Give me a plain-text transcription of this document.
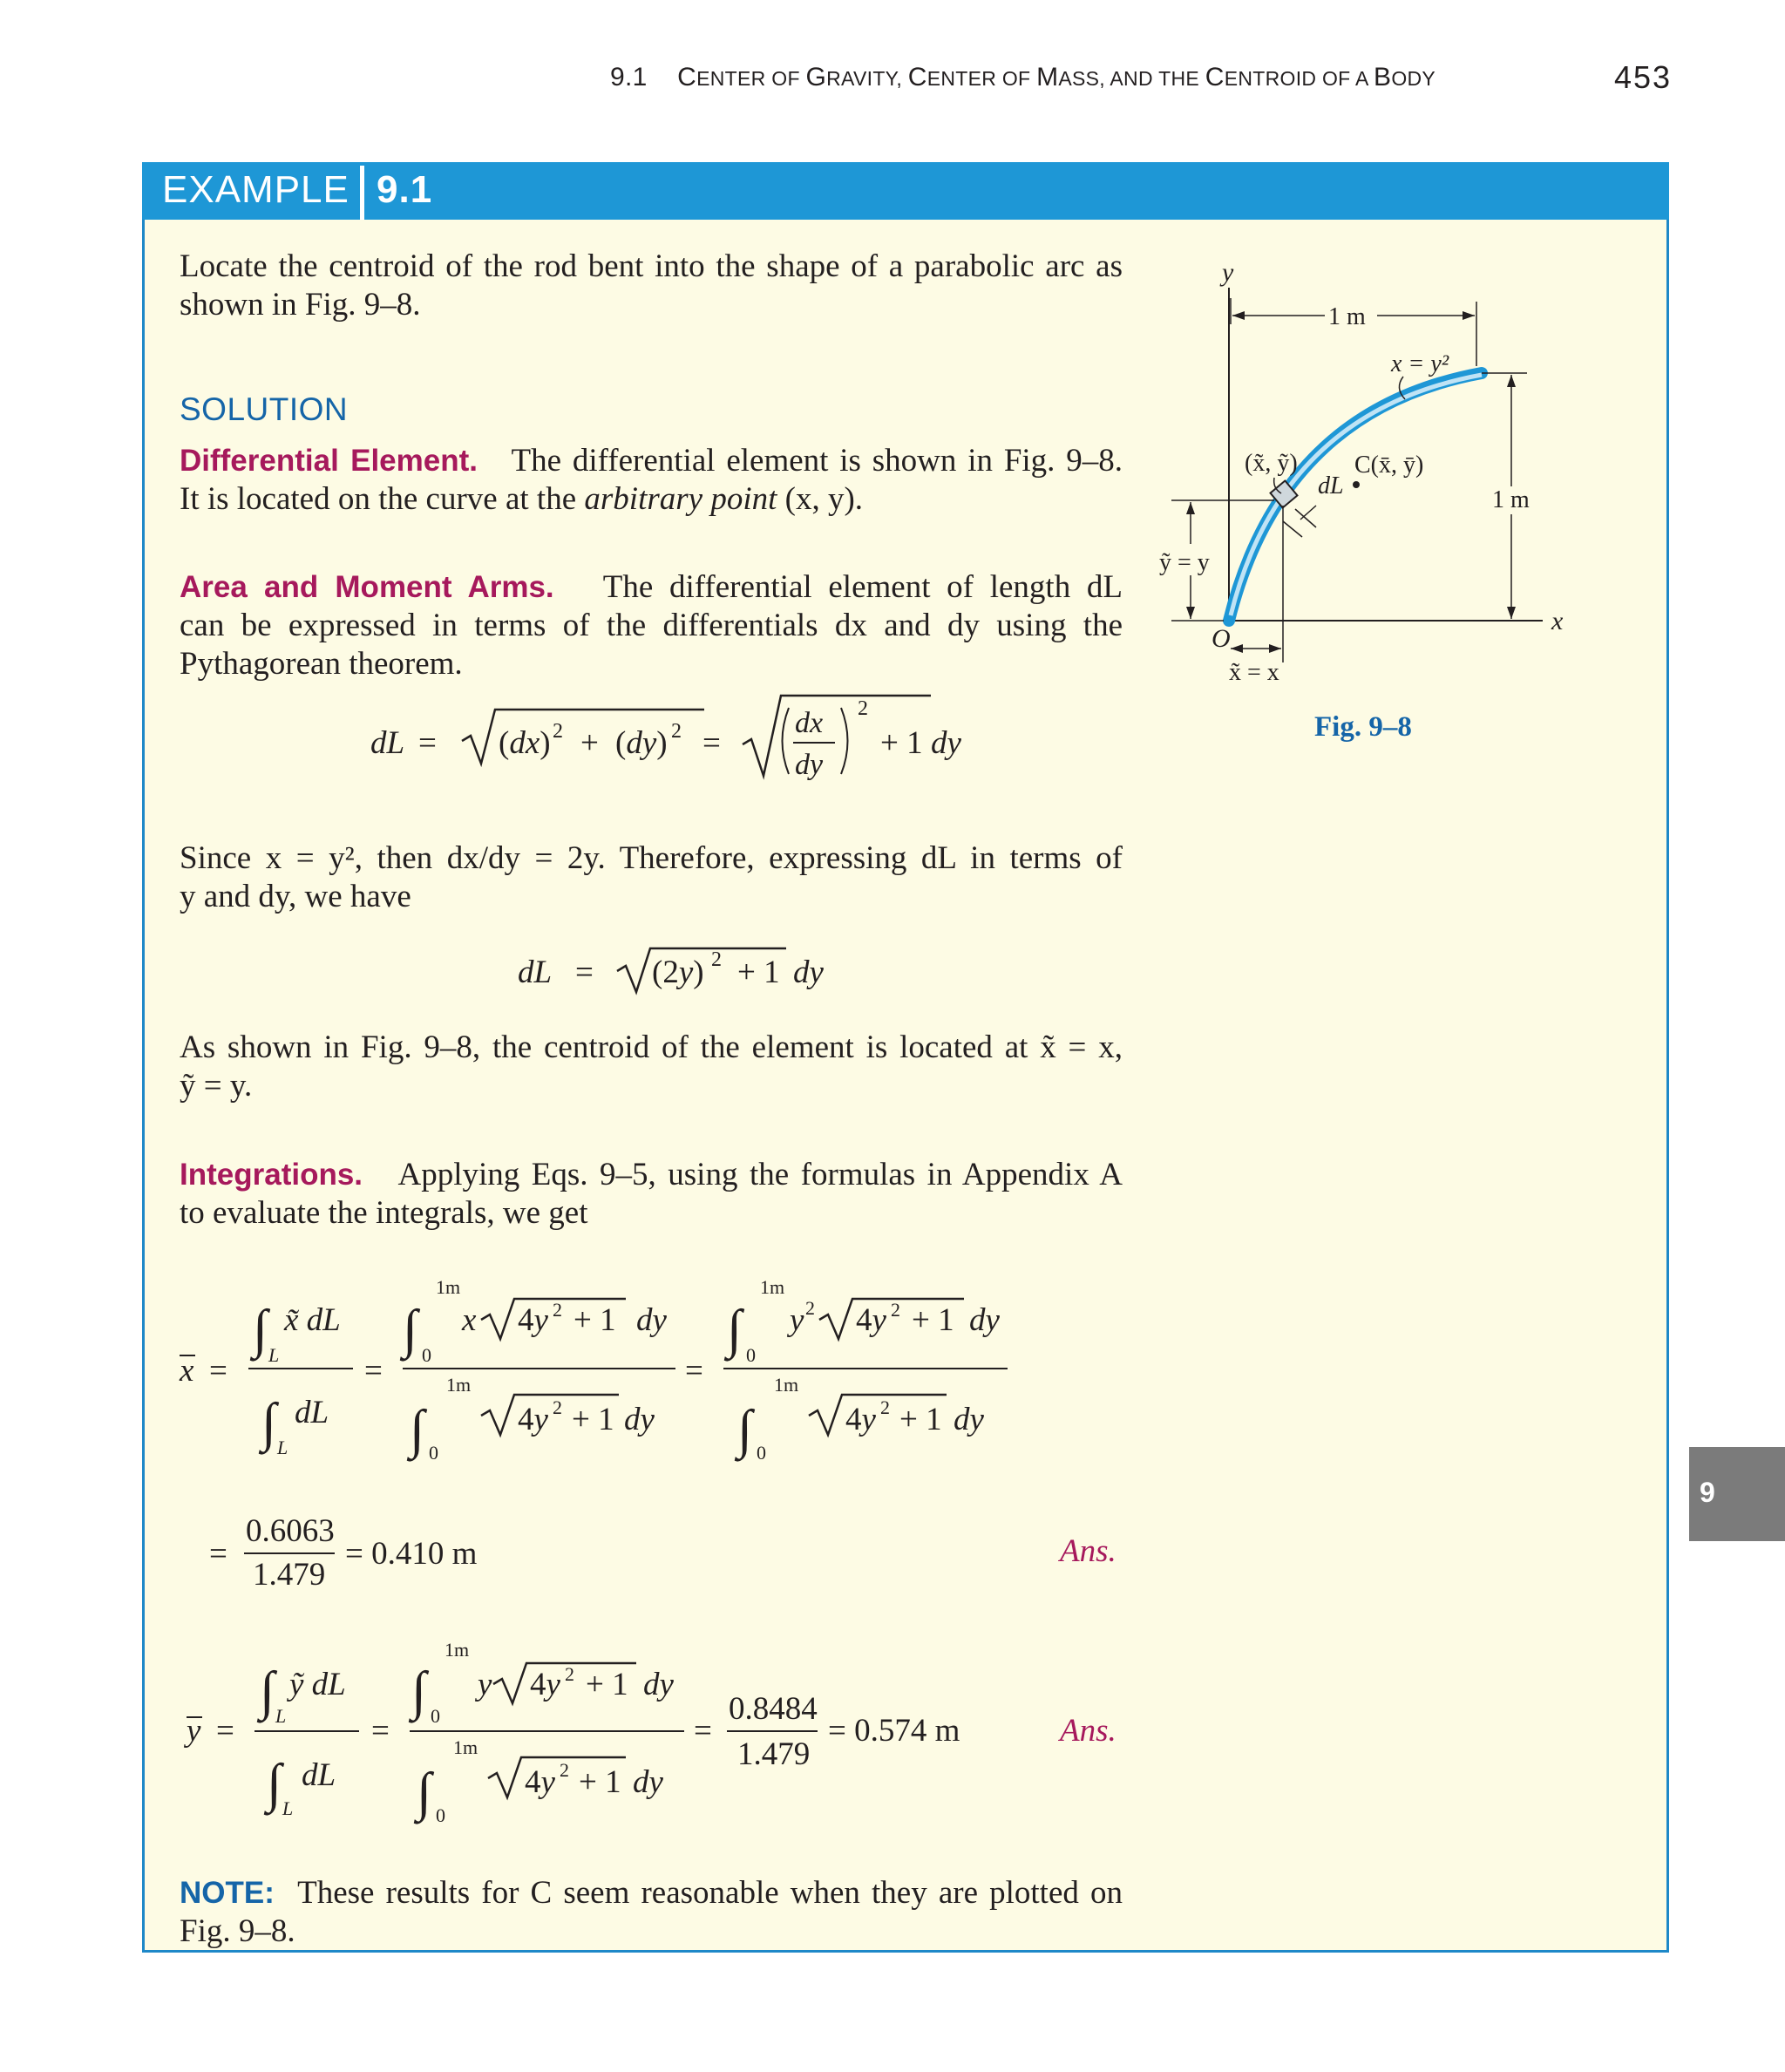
9.1 CENTER OF GRAVITY, CENTER OF MASS, AND THE CENTROID OF A BODY	453
EXAMPLE 9.1
Locate the centroid of the rod bent into the shape of a parabolic arc as
shown in Fig. 9–8.
SOLUTION
Differential Element. The differential element is shown in Fig. 9–8.
It is located on the curve at the arbitrary point (x, y).
Area and Moment Arms. The differential element of length dL
can be expressed in terms of the differentials dx and dy using the
Pythagorean theorem.
dL = (dx) 2 + (dy) 2 =
dx
dy
2
+ 1 dy
dL = (2y) 2 + 1 dy
x =
∫ L
x̃ dL
∫ L
dL
=
∫
1m
0
x 4y 2 + 1 dy
∫
1m
0
4y 2 + 1 dy
=
∫
1m
0
y 2 4y 2 + 1 dy
∫
1m
0
4y 2 + 1 dy
=
0.6063
1.479
= 0.410 m
y =
∫ L
ỹ dL
∫ L
dL
=
∫
1m
0
y 4y 2 + 1 dy
∫
1m
0
4y 2 + 1 dy
=
0.8484
1.479
= 0.574 m
y
x
O
1 m
1 m
x = y²
(x̃, ỹ)
dL
C(x̄, ȳ)
ỹ = y
x̃ = x
Fig. 9–8
Since x = y², then dx/dy = 2y. Therefore, expressing dL in terms of
y and dy, we have
As shown in Fig. 9–8, the centroid of the element is located at x̃ = x,
ỹ = y.
Integrations. Applying Eqs. 9–5, using the formulas in Appendix A
to evaluate the integrals, we get
Ans.
Ans.
NOTE: These results for C seem reasonable when they are plotted on
Fig. 9–8.
9
